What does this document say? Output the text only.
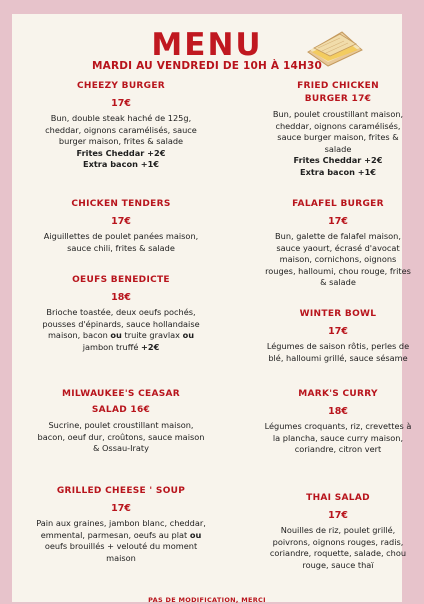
MENU
MARDI AU VENDREDI DE 10H À 14H30
CHEEZY BURGER
17€
Bun, double steak haché de 125g, cheddar, oignons caramélisés, sauce burger maison, frites & salade
Frites Cheddar +2€
Extra bacon +1€
CHICKEN TENDERS
17€
Aiguillettes de poulet panées maison, sauce chili, frites & salade
OEUFS BENEDICTE
18€
Brioche toastée, deux oeufs pochés, pousses d'épinards, sauce hollandaise maison, bacon ou truite gravlax ou jambon truffé +2€
MILWAUKEE'S CEASAR
SALAD 16€
Sucrine, poulet croustillant maison, bacon, oeuf dur, croûtons, sauce maison & Ossau-Iraty
GRILLED CHEESE ' SOUP
17€
Pain aux graines, jambon blanc, cheddar, emmental, parmesan, oeufs au plat ou oeufs brouillés + velouté du moment maison
FRIED CHICKEN
BURGER 17€
Bun, poulet croustillant maison, cheddar, oignons caramélisés, sauce burger maison, frites & salade
Frites Cheddar +2€
Extra bacon +1€
FALAFEL BURGER
17€
Bun, galette de falafel maison, sauce yaourt, écrasé d'avocat maison, cornichons, oignons rouges, halloumi, chou rouge, frites & salade
WINTER BOWL
17€
Légumes de saison rôtis, perles de blé, halloumi grillé, sauce sésame
MARK'S CURRY
18€
Légumes croquants, riz, crevettes à la plancha, sauce curry maison, coriandre, citron vert
THAI SALAD
17€
Nouilles de riz, poulet grillé, poivrons, oignons rouges, radis, coriandre, roquette, salade, chou rouge, sauce thaï
PAS DE MODIFICATION, MERCI
